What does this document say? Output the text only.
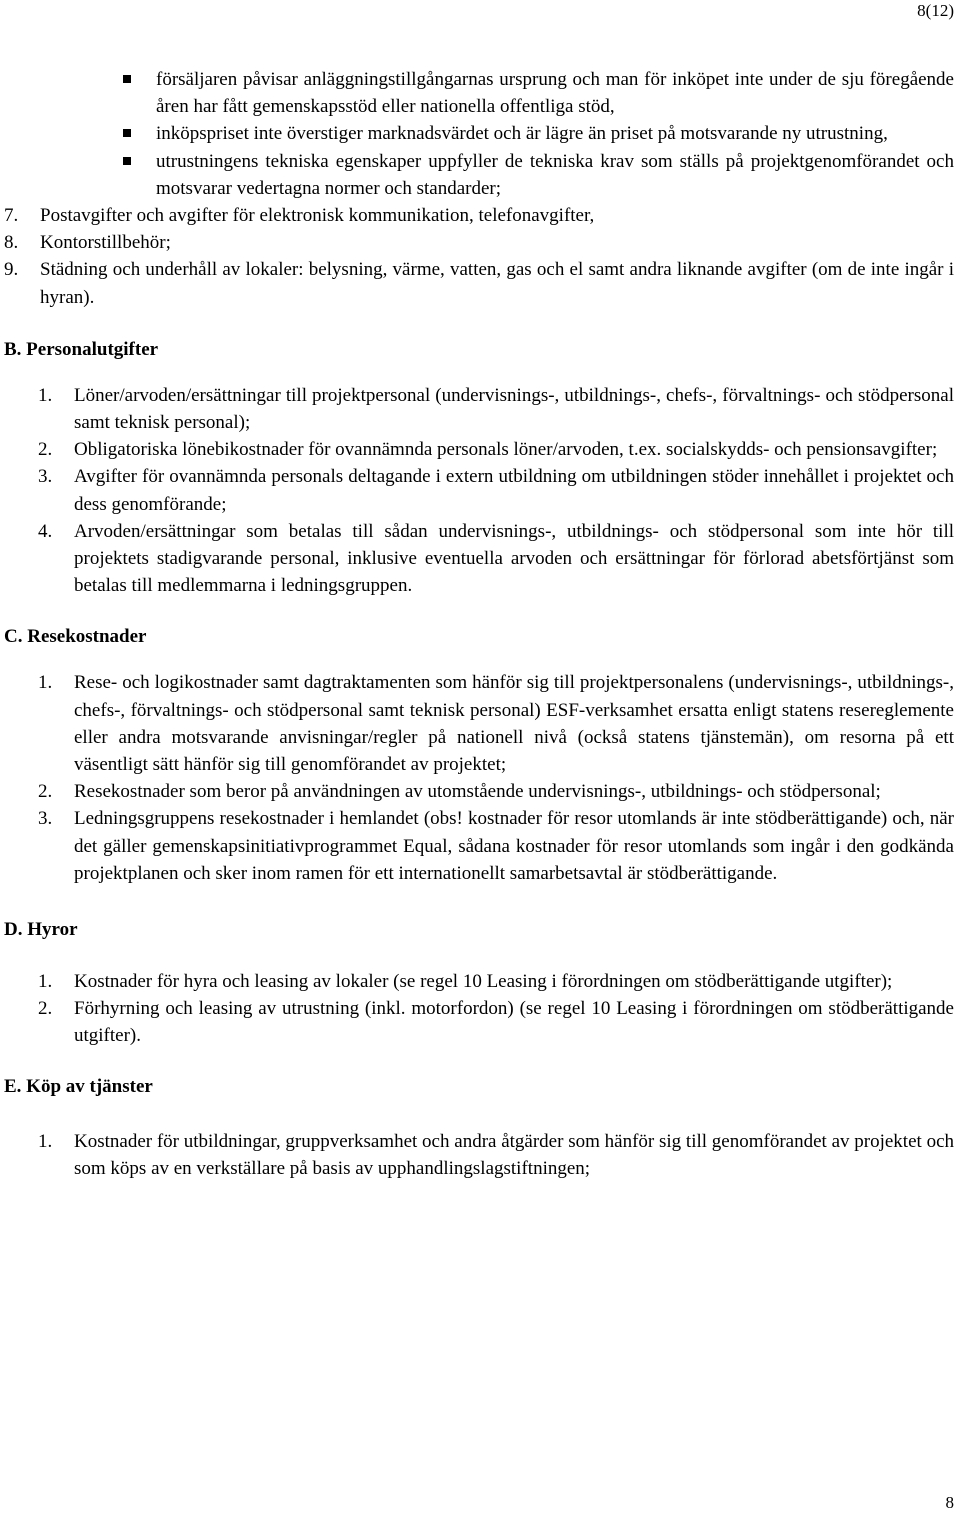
8(12)
försäljaren påvisar anläggningstillgångarnas ursprung och man för inköpet inte under de sju föregående åren har fått gemenskapsstöd eller nationella offentliga stöd,
inköpspriset inte överstiger marknadsvärdet och är lägre än priset på motsvarande ny utrustning,
utrustningens tekniska egenskaper uppfyller de tekniska krav som ställs på projektgenomförandet och motsvarar vedertagna normer och standarder;
7. Postavgifter och avgifter för elektronisk kommunikation, telefonavgifter,
8. Kontorstillbehör;
9. Städning och underhåll av lokaler: belysning, värme, vatten, gas och el samt andra liknande avgifter (om de inte ingår i hyran).
B. Personalutgifter
1. Löner/arvoden/ersättningar till projektpersonal (undervisnings-, utbildnings-, chefs-, förvaltnings- och stödpersonal samt teknisk personal);
2. Obligatoriska lönebikostnader för ovannämnda personals löner/arvoden, t.ex. socialskydds- och pensionsavgifter;
3. Avgifter för ovannämnda personals deltagande i extern utbildning om utbildningen stöder innehållet i projektet och dess genomförande;
4. Arvoden/ersättningar som betalas till sådan undervisnings-, utbildnings- och stödpersonal som inte hör till projektets stadigvarande personal, inklusive eventuella arvoden och ersättningar för förlorad abetsförtjänst som betalas till medlemmarna i ledningsgruppen.
C. Resekostnader
1. Rese- och logikostnader samt dagtraktamenten som hänför sig till projektpersonalens (undervisnings-, utbildnings-, chefs-, förvaltnings- och stödpersonal samt teknisk personal) ESF-verksamhet ersatta enligt statens resereglemente eller andra motsvarande anvisningar/regler på nationell nivå (också statens tjänstemän), om resorna på ett väsentligt sätt hänför sig till genomförandet av projektet;
2. Resekostnader som beror på användningen av utomstående undervisnings-, utbildnings- och stödpersonal;
3. Ledningsgruppens resekostnader i hemlandet (obs! kostnader för resor utomlands är inte stödberättigande) och, när det gäller gemenskapsinitiativprogrammet Equal, sådana kostnader för resor utomlands som ingår i den godkända projektplanen och sker inom ramen för ett internationellt samarbetsavtal är stödberättigande.
D. Hyror
1. Kostnader för hyra och leasing av lokaler (se regel 10 Leasing i förordningen om stödberättigande utgifter);
2. Förhyrning och leasing av utrustning (inkl. motorfordon) (se regel 10 Leasing i förordningen om stödberättigande utgifter).
E. Köp av tjänster
1. Kostnader för utbildningar, gruppverksamhet och andra åtgärder som hänför sig till genomförandet av projektet och som köps av en verkställare på basis av upphandlingslagstiftningen;
8
